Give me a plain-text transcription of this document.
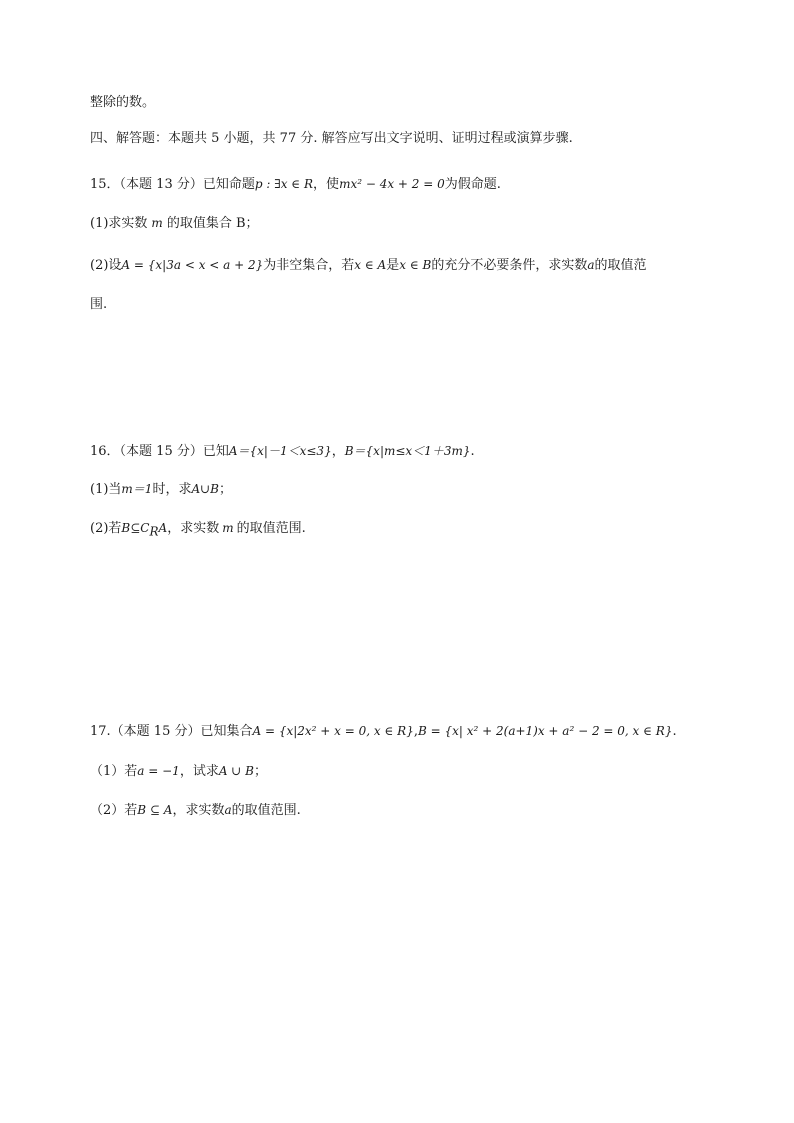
整除的数。
四、解答题：本题共 5 小题，共 77 分. 解答应写出文字说明、证明过程或演算步骤.
15．（本题 13 分）已知命题p : ∃x ∈ R，使mx² − 4x + 2 = 0为假命题.
(1)求实数 m 的取值集合 B；
(2)设A = {x|3a < x < a + 2}为非空集合，若x ∈ A是x ∈ B的充分不必要条件，求实数a的取值范
围.
16．（本题 15 分）已知A＝{x|－1＜x≤3}，B＝{x|m≤x＜1＋3m}.
(1)当m＝1时，求A∪B；
(2)若$B⊆C_RA$，求实数 m 的取值范围.
17.（本题 15 分）已知集合A = {x|2x² + x = 0, x ∈ R},B = {x| x² + 2(a+1)x + a² − 2 = 0, x ∈ R}.
（1）若a = −1，试求A ∪ B；
（2）若B ⊆ A，求实数a的取值范围.
